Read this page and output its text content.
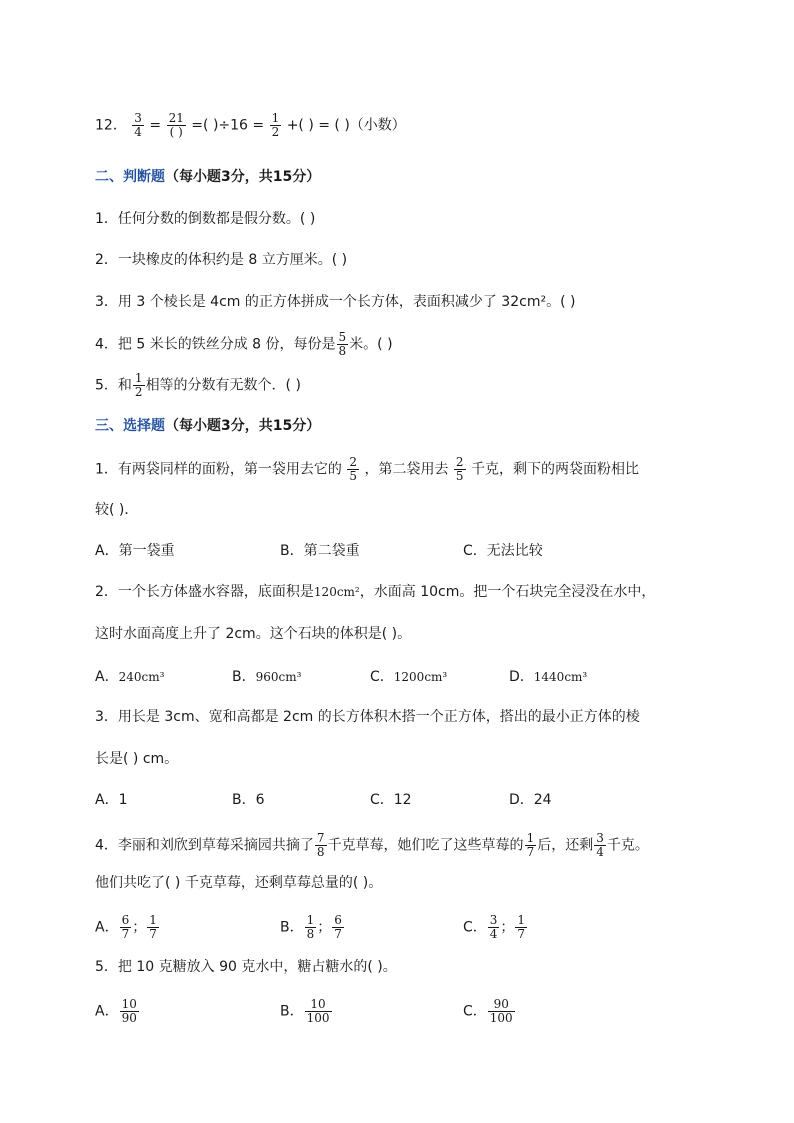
12． $\frac{3}{4} = \frac{21}{( )}$ =( )$\div 16 = \frac{1}{2}$ +( ) = ( )（小数）
二、判断题（每小题3分，共15分）
1．任何分数的倒数都是假分数。( )
2．一块橡皮的体积约是 8 立方厘米。( )
3．用 3 个棱长是 4cm 的正方体拼成一个长方体，表面积减少了 32cm²。( )
4．把 5 米长的铁丝分成 8 份，每份是 $\frac{5}{8}$ 米。( )
5．和 $\frac{1}{2}$ 相等的分数有无数个．( )
三、选择题（每小题3分，共15分）
1．有两袋同样的面粉，第一袋用去它的 $\frac{2}{5}$ ，第二袋用去 $\frac{2}{5}$ 千克，剩下的两袋面粉相比
较( )．
A．第一袋重	B．第二袋重	C．无法比较
2．一个长方体盛水容器，底面积是120cm²，水面高 10cm。把一个石块完全浸没在水中，
这时水面高度上升了 2cm。这个石块的体积是( )。
A．240cm³	B．960cm³	C．1200cm³	D．1440cm³
3．用长是 3cm、宽和高都是 2cm 的长方体积木搭一个正方体，搭出的最小正方体的棱
长是( ) cm。
A．1	B．6	C．12	D．24
4．李丽和刘欣到草莓采摘园共摘了 $\frac{7}{8}$ 千克草莓，她们吃了这些草莓的 $\frac{1}{7}$ 后，还剩 $\frac{3}{4}$ 千克。
他们共吃了( ) 千克草莓，还剩草莓总量的( )。
A． $\frac{6}{7}$ ； $\frac{1}{7}$	B． $\frac{1}{8}$ ； $\frac{6}{7}$	C． $\frac{3}{4}$ ； $\frac{1}{7}$
5．把 10 克糖放入 90 克水中，糖占糖水的( )。
A． $\frac{10}{90}$	B． $\frac{10}{100}$	C． $\frac{90}{100}$
